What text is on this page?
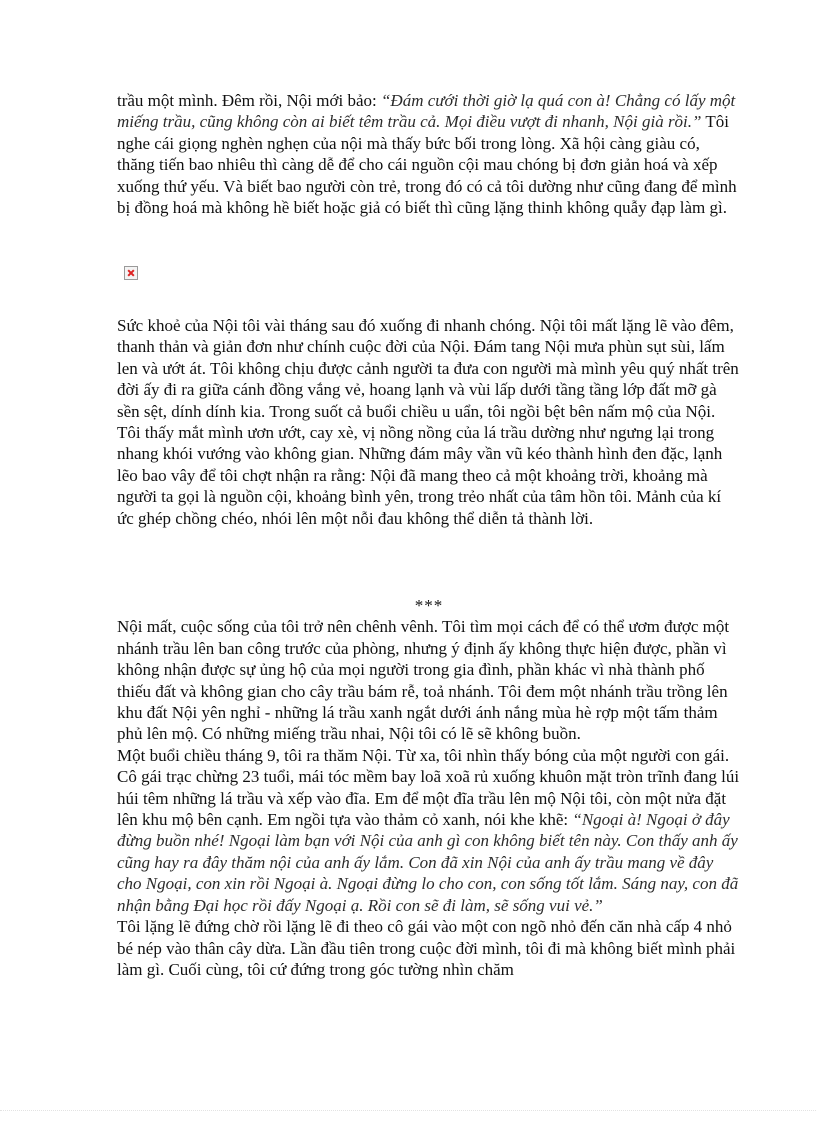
trầu một mình. Đêm rồi, Nội mới bảo: “Đám cưới thời giờ lạ quá con à! Chẳng có lấy một miếng trầu, cũng không còn ai biết têm trầu cả. Mọi điều vượt đi nhanh, Nội già rồi.” Tôi nghe cái giọng nghèn nghẹn của nội mà thấy bức bối trong lòng. Xã hội càng giàu có, thăng tiến bao nhiêu thì càng dễ để cho cái nguồn cội mau chóng bị đơn giản hoá và xếp xuống thứ yếu. Và biết bao người còn trẻ, trong đó có cả tôi dường như cũng đang để mình bị đồng hoá mà không hề biết hoặc giả có biết thì cũng lặng thinh không quẫy đạp làm gì.

Sức khoẻ của Nội tôi vài tháng sau đó xuống đi nhanh chóng. Nội tôi mất lặng lẽ vào đêm, thanh thản và giản đơn như chính cuộc đời của Nội. Đám tang Nội mưa phùn sụt sùi, lấm len và ướt át. Tôi không chịu được cảnh người ta đưa con người mà mình yêu quý nhất trên đời ấy đi ra giữa cánh đồng vắng vẻ, hoang lạnh và vùi lấp dưới tầng tầng lớp đất mỡ gà sền sệt, dính dính kia. Trong suốt cả buổi chiều u uẩn, tôi ngồi bệt bên nấm mộ của Nội. Tôi thấy mắt mình ươn ướt, cay xè, vị nồng nồng của lá trầu dường như ngưng lại trong nhang khói vướng vào không gian. Những đám mây vần vũ kéo thành hình đen đặc, lạnh lẽo bao vây để tôi chợt nhận ra rằng: Nội đã mang theo cả một khoảng trời, khoảng mà người ta gọi là nguồn cội, khoảng bình yên, trong trẻo nhất của tâm hồn tôi. Mảnh của kí ức ghép chồng chéo, nhói lên một nỗi đau không thể diễn tả thành lời.

***

Nội mất, cuộc sống của tôi trở nên chênh vênh. Tôi tìm mọi cách để có thể ươm được một nhánh trầu lên ban công trước của phòng, nhưng ý định ấy không thực hiện được, phần vì không nhận được sự ủng hộ của mọi người trong gia đình, phần khác vì nhà thành phố thiếu đất và không gian cho cây trầu bám rễ, toả nhánh. Tôi đem một nhánh trầu trồng lên khu đất Nội yên nghỉ - những lá trầu xanh ngắt dưới ánh nắng mùa hè rợp một tấm thảm phủ lên mộ. Có những miếng trầu nhai, Nội tôi có lẽ sẽ không buồn.

Một buổi chiều tháng 9, tôi ra thăm Nội. Từ xa, tôi nhìn thấy bóng của một người con gái. Cô gái trạc chừng 23 tuổi, mái tóc mềm bay loã xoã rủ xuống khuôn mặt tròn trĩnh đang lúi húi têm những lá trầu và xếp vào đĩa. Em để một đĩa trầu lên mộ Nội tôi, còn một nửa đặt lên khu mộ bên cạnh. Em ngồi tựa vào thảm cỏ xanh, nói khe khẽ: “Ngoại à! Ngoại ở đây đừng buồn nhé! Ngoại làm bạn với Nội của anh gì con không biết tên này. Con thấy anh ấy cũng hay ra đây thăm nội của anh ấy lắm. Con đã xin Nội của anh ấy trầu mang về đây cho Ngoại, con xin rồi Ngoại à. Ngoại đừng lo cho con, con sống tốt lắm. Sáng nay, con đã nhận bằng Đại học rồi đấy Ngoại ạ. Rồi con sẽ đi làm, sẽ sống vui vẻ.”

Tôi lặng lẽ đứng chờ rồi lặng lẽ đi theo cô gái vào một con ngõ nhỏ đến căn nhà cấp 4 nhỏ bé nép vào thân cây dừa. Lần đầu tiên trong cuộc đời mình, tôi đi mà không biết mình phải làm gì. Cuối cùng, tôi cứ đứng trong góc tường nhìn chăm
